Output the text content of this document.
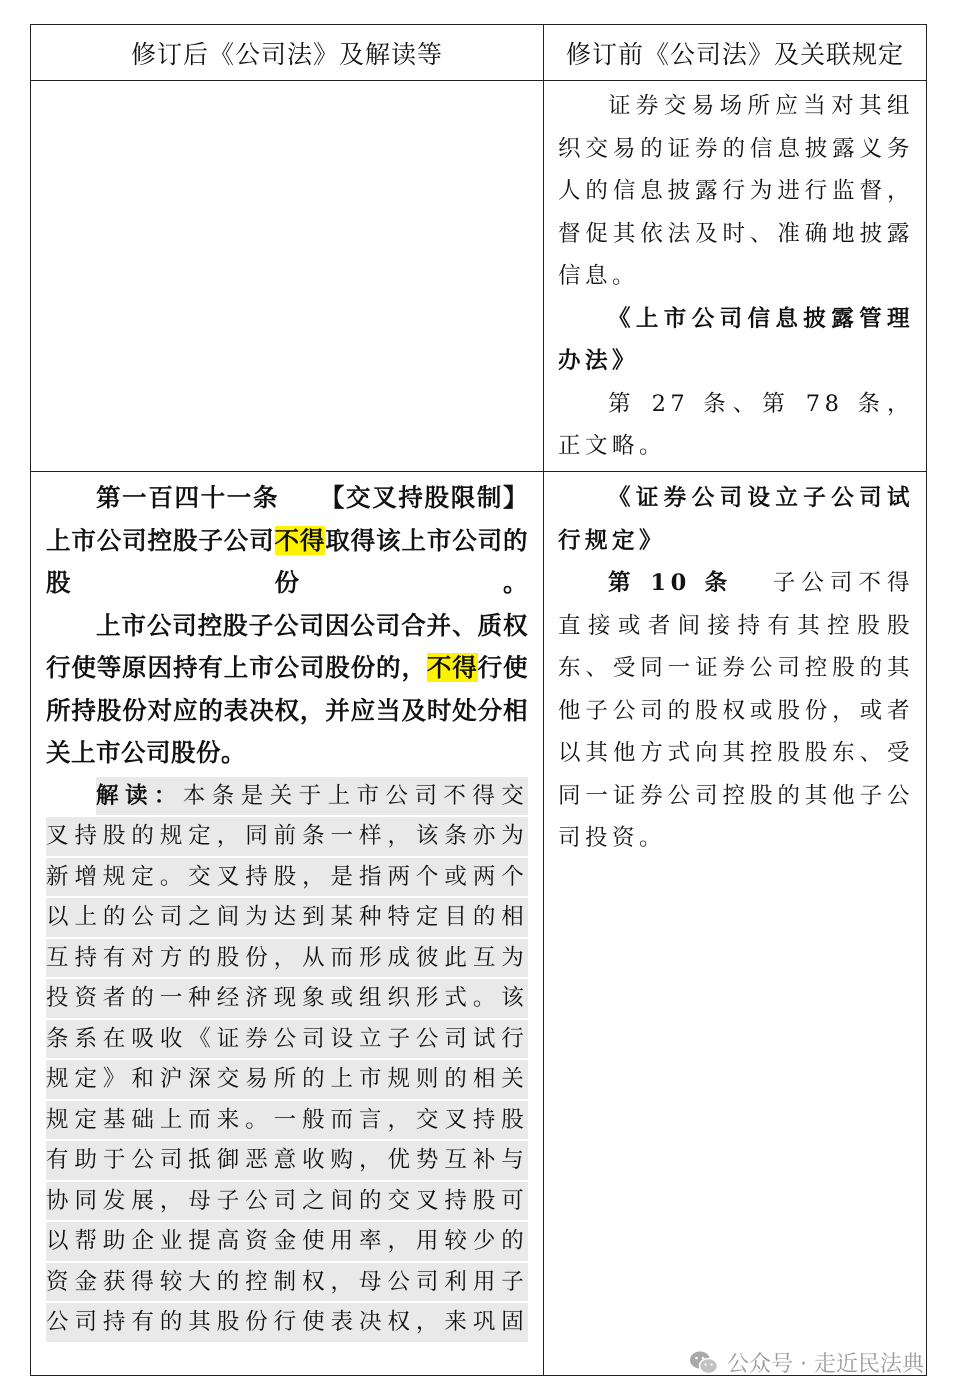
修订后《公司法》及解读等	修订前《公司法》及关联规定

证券交易场所应当对其组织交易的证券的信息披露义务人的信息披露行为进行监督，督促其依法及时、准确地披露信息。

《上市公司信息披露管理办法》

第 27 条、第 78 条，正文略。

第一百四十一条 【交叉持股限制】上市公司控股子公司不得取得该上市公司的股份。

上市公司控股子公司因公司合并、质权行使等原因持有上市公司股份的，不得行使所持股份对应的表决权，并应当及时处分相关上市公司股份。

解读：本条是关于上市公司不得交
叉持股的规定，同前条一样，该条亦为
新增规定。交叉持股，是指两个或两个
以上的公司之间为达到某种特定目的相
互持有对方的股份，从而形成彼此互为
投资者的一种经济现象或组织形式。该
条系在吸收《证券公司设立子公司试行
规定》和沪深交易所的上市规则的相关
规定基础上而来。一般而言，交叉持股
有助于公司抵御恶意收购，优势互补与
协同发展，母子公司之间的交叉持股可
以帮助企业提高资金使用率，用较少的
资金获得较大的控制权，母公司利用子
公司持有的其股份行使表决权，来巩固

《证券公司设立子公司试行规定》

第 10 条 子公司不得直接或者间接持有其控股股东、受同一证券公司控股的其他子公司的股权或股份，或者以其他方式向其控股股东、受同一证券公司控股的其他子公司投资。

公众号 · 走近民法典
